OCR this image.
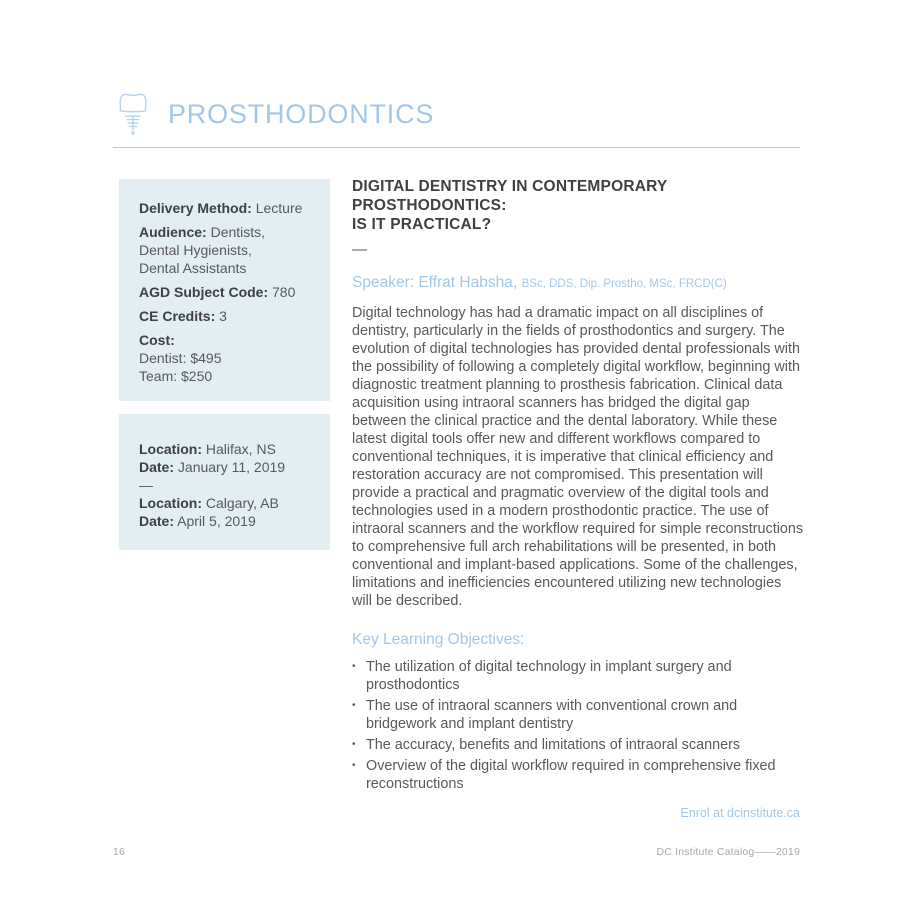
PROSTHODONTICS

Delivery Method: Lecture

Audience: Dentists,
Dental Hygienists,
Dental Assistants

AGD Subject Code: 780

CE Credits: 3

Cost:
Dentist: $495
Team: $250

Location: Halifax, NS
Date: January 11, 2019

—

Location: Calgary, AB
Date: April 5, 2019

DIGITAL DENTISTRY IN CONTEMPORARY PROSTHODONTICS:
IS IT PRACTICAL?
—

Speaker: Effrat Habsha, BSc, DDS, Dip. Prostho, MSc, FRCD(C)

Digital technology has had a dramatic impact on all disciplines of dentistry, particularly in the fields of prosthodontics and surgery. The evolution of digital technologies has provided dental professionals with the possibility of following a completely digital workflow, beginning with diagnostic treatment planning to prosthesis fabrication. Clinical data acquisition using intraoral scanners has bridged the digital gap between the clinical practice and the dental laboratory. While these latest digital tools offer new and different workflows compared to conventional techniques, it is imperative that clinical efficiency and restoration accuracy are not compromised. This presentation will provide a practical and pragmatic overview of the digital tools and technologies used in a modern prosthodontic practice. The use of intraoral scanners and the workflow required for simple reconstructions to comprehensive full arch rehabilitations will be presented, in both conventional and implant-based applications. Some of the challenges, limitations and inefficiencies encountered utilizing new technologies will be described.

Key Learning Objectives:
• The utilization of digital technology in implant surgery and prosthodontics
• The use of intraoral scanners with conventional crown and bridgework and implant dentistry
• The accuracy, benefits and limitations of intraoral scanners
• Overview of the digital workflow required in comprehensive fixed reconstructions
Enrol at dcinstitute.ca
16	DC Institute Catalog——2019
